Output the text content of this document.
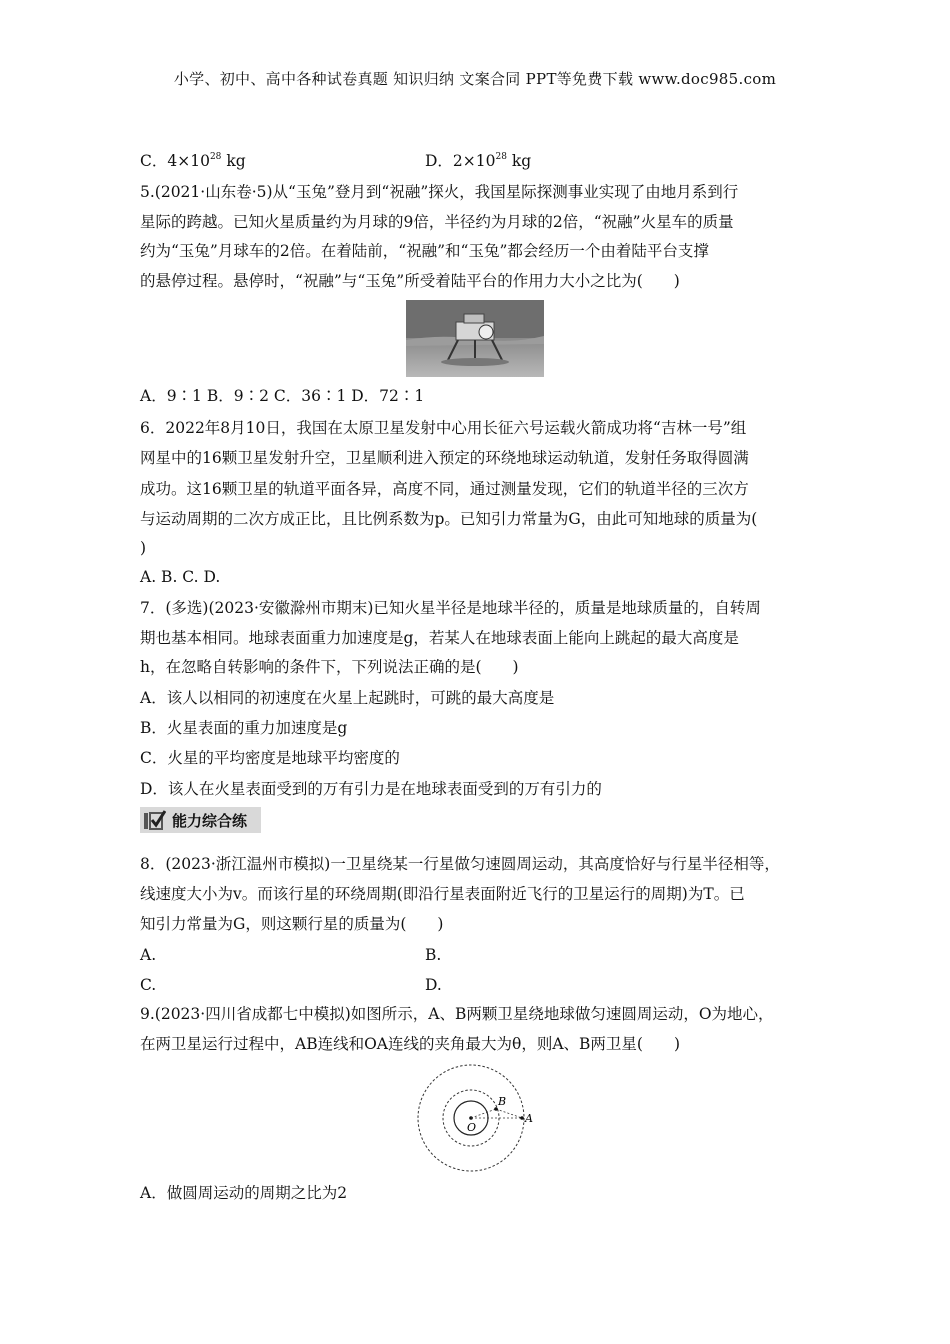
小学、初中、高中各种试卷真题 知识归纳 文案合同 PPT等免费下载 www.doc985.com
C．$4\times 10^{28}$ kg	D．$2\times 10^{28}$ kg
5.(2021·山东卷·5)从“玉兔”登月到“祝融”探火，我国星际探测事业实现了由地月系到行
星际的跨越。已知火星质量约为月球的9倍，半径约为月球的2倍，“祝融”火星车的质量
约为“玉兔”月球车的2倍。在着陆前，“祝融”和“玉兔”都会经历一个由着陆平台支撑
的悬停过程。悬停时，“祝融”与“玉兔”所受着陆平台的作用力大小之比为(　　)
A．9∶1 B．9∶2 C．36∶1 D．72∶1
6．2022年8月10日，我国在太原卫星发射中心用长征六号运载火箭成功将“吉林一号”组
网星中的16颗卫星发射升空，卫星顺利进入预定的环绕地球运动轨道，发射任务取得圆满
成功。这16颗卫星的轨道平面各异，高度不同，通过测量发现，它们的轨道半径的三次方
与运动周期的二次方成正比，且比例系数为p。已知引力常量为G，由此可知地球的质量为(
)
A. B. C. D.
7．(多选)(2023·安徽滁州市期末)已知火星半径是地球半径的，质量是地球质量的，自转周
期也基本相同。地球表面重力加速度是g，若某人在地球表面上能向上跳起的最大高度是
h，在忽略自转影响的条件下，下列说法正确的是(　　)
A．该人以相同的初速度在火星上起跳时，可跳的最大高度是
B．火星表面的重力加速度是g
C．火星的平均密度是地球平均密度的
D．该人在火星表面受到的万有引力是在地球表面受到的万有引力的
能力综合练
8．(2023·浙江温州市模拟)一卫星绕某一行星做匀速圆周运动，其高度恰好与行星半径相等，
线速度大小为v。而该行星的环绕周期(即沿行星表面附近飞行的卫星运行的周期)为T。已
知引力常量为G，则这颗行星的质量为(　　)
A.	B.
C.	D.
9.(2023·四川省成都七中模拟)如图所示，A、B两颗卫星绕地球做匀速圆周运动，O为地心，
在两卫星运行过程中，AB连线和OA连线的夹角最大为θ，则A、B两卫星(　　)
B
A
O
A．做圆周运动的周期之比为2
